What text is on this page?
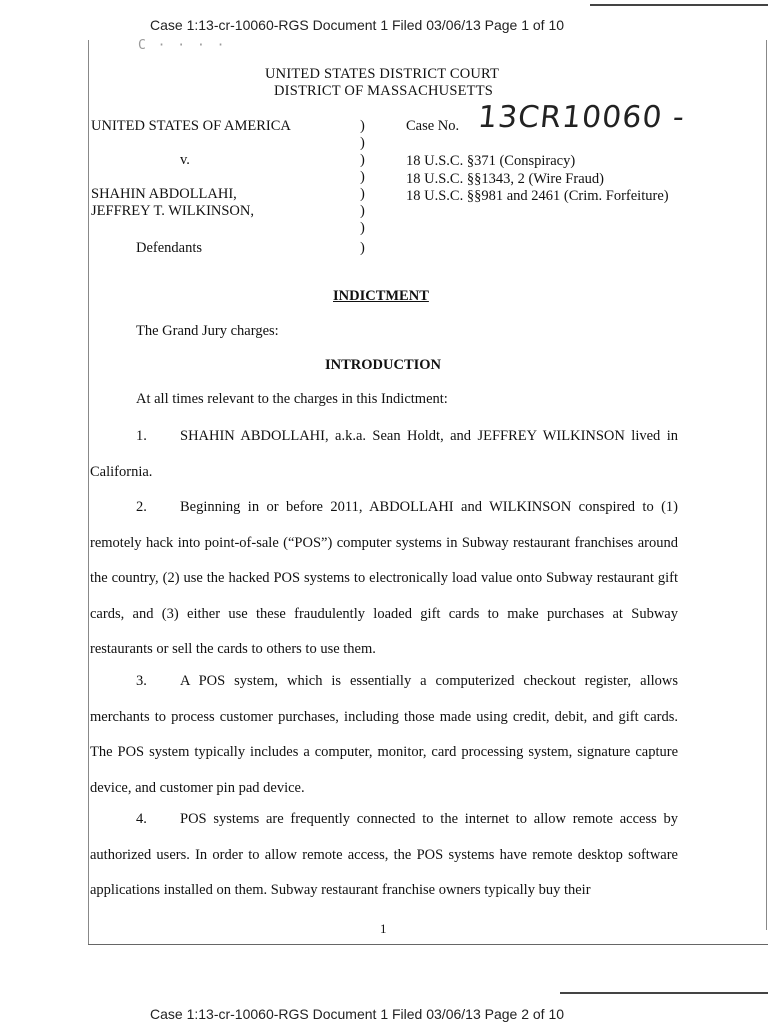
Case 1:13-cr-10060-RGS Document 1 Filed 03/06/13 Page 1 of 10
C · · · ·
UNITED STATES DISTRICT COURT
DISTRICT OF MASSACHUSETTS
UNITED STATES OF AMERICA
v.
SHAHIN ABDOLLAHI,
JEFFREY T. WILKINSON,
Defendants
)
)
)
)
)
)
)
)
Case No. 13CR10060 -
18 U.S.C. §371 (Conspiracy)
18 U.S.C. §§1343, 2 (Wire Fraud)
18 U.S.C. §§981 and 2461 (Crim. Forfeiture)
INDICTMENT
The Grand Jury charges:
INTRODUCTION
At all times relevant to the charges in this Indictment:
1. SHAHIN ABDOLLAHI, a.k.a. Sean Holdt, and JEFFREY WILKINSON lived in California.
2. Beginning in or before 2011, ABDOLLAHI and WILKINSON conspired to (1) remotely hack into point-of-sale (“POS”) computer systems in Subway restaurant franchises around the country, (2) use the hacked POS systems to electronically load value onto Subway restaurant gift cards, and (3) either use these fraudulently loaded gift cards to make purchases at Subway restaurants or sell the cards to others to use them.
3. A POS system, which is essentially a computerized checkout register, allows merchants to process customer purchases, including those made using credit, debit, and gift cards. The POS system typically includes a computer, monitor, card processing system, signature capture device, and customer pin pad device.
4. POS systems are frequently connected to the internet to allow remote access by authorized users. In order to allow remote access, the POS systems have remote desktop software applications installed on them. Subway restaurant franchise owners typically buy their
1
Case 1:13-cr-10060-RGS Document 1 Filed 03/06/13 Page 2 of 10
